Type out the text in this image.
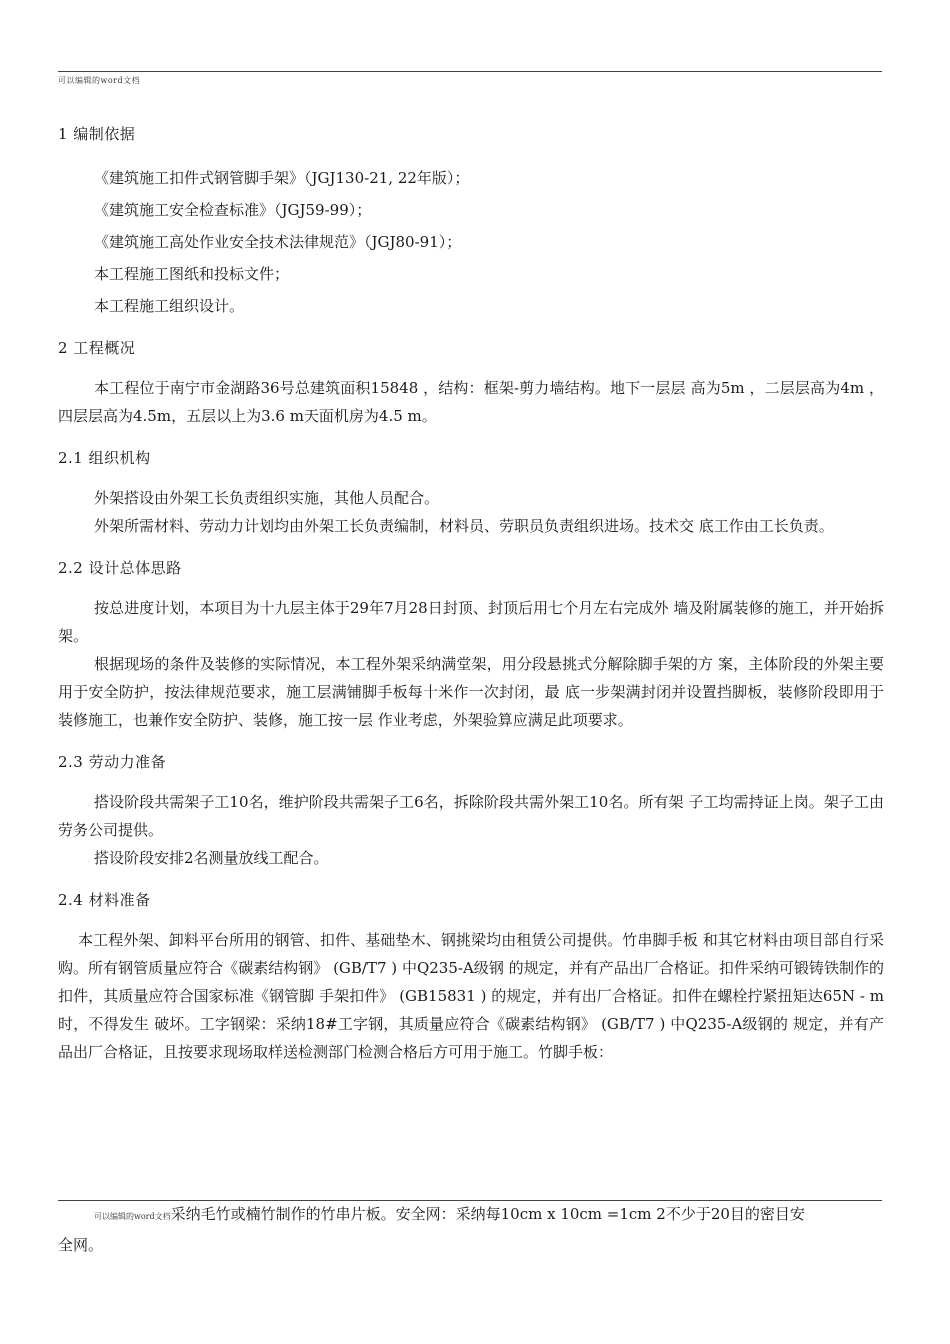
可以编辑的word文档
1 编制依据

《建筑施工扣件式钢管脚手架》（JGJ130-21, 22年版）；

《建筑施工安全检查标准》（JGJ59-99）；

《建筑施工高处作业安全技术法律规范》（JGJ80-91）；

本工程施工图纸和投标文件；

本工程施工组织设计。

2 工程概况

本工程位于南宁市金湖路36号总建筑面积15848 ，结构：框架-剪力墙结构。地下一层层 高为5m ，二层层高为4m ，四层层高为4.5m，五层以上为3.6 m天面机房为4.5 m。

2.1 组织机构

外架搭设由外架工长负责组织实施，其他人员配合。

外架所需材料、劳动力计划均由外架工长负责编制，材料员、劳职员负责组织进场。技术交 底工作由工长负责。

2.2 设计总体思路

按总进度计划，本项目为十九层主体于29年7月28日封顶、封顶后用七个月左右完成外 墙及附属装修的施工，并开始拆架。

根据现场的条件及装修的实际情况，本工程外架采纳满堂架，用分段悬挑式分解除脚手架的方 案，主体阶段的外架主要用于安全防护，按法律规范要求，施工层满铺脚手板每十米作一次封闭，最 底一步架满封闭并设置挡脚板，装修阶段即用于装修施工，也兼作安全防护、装修，施工按一层 作业考虑，外架验算应满足此项要求。

2.3 劳动力准备

搭设阶段共需架子工10名，维护阶段共需架子工6名，拆除阶段共需外架工10名。所有架 子工均需持证上岗。架子工由劳务公司提供。

搭设阶段安排2名测量放线工配合。

2.4 材料准备

本工程外架、卸料平台所用的钢管、扣件、基础垫木、钢挑梁均由租赁公司提供。竹串脚手板 和其它材料由项目部自行采购。所有钢管质量应符合《碳素结构钢》 (GB/T7 ) 中Q235-A级钢 的规定，并有产品出厂合格证。扣件采纳可锻铸铁制作的扣件，其质量应符合国家标准《钢管脚 手架扣件》 (GB15831 ) 的规定，并有出厂合格证。扣件在螺栓拧紧扭矩达65N - m时，不得发生 破坏。工字钢梁：采纳18#工字钢，其质量应符合《碳素结构钢》 (GB/T7 ) 中Q235-A级钢的 规定，并有产品出厂合格证，且按要求现场取样送检测部门检测合格后方可用于施工。竹脚手板：

可以编辑的word文档采纳毛竹或楠竹制作的竹串片板。安全网：采纳每10cm x 10cm =1cm 2不少于20目的密目安
全网。
